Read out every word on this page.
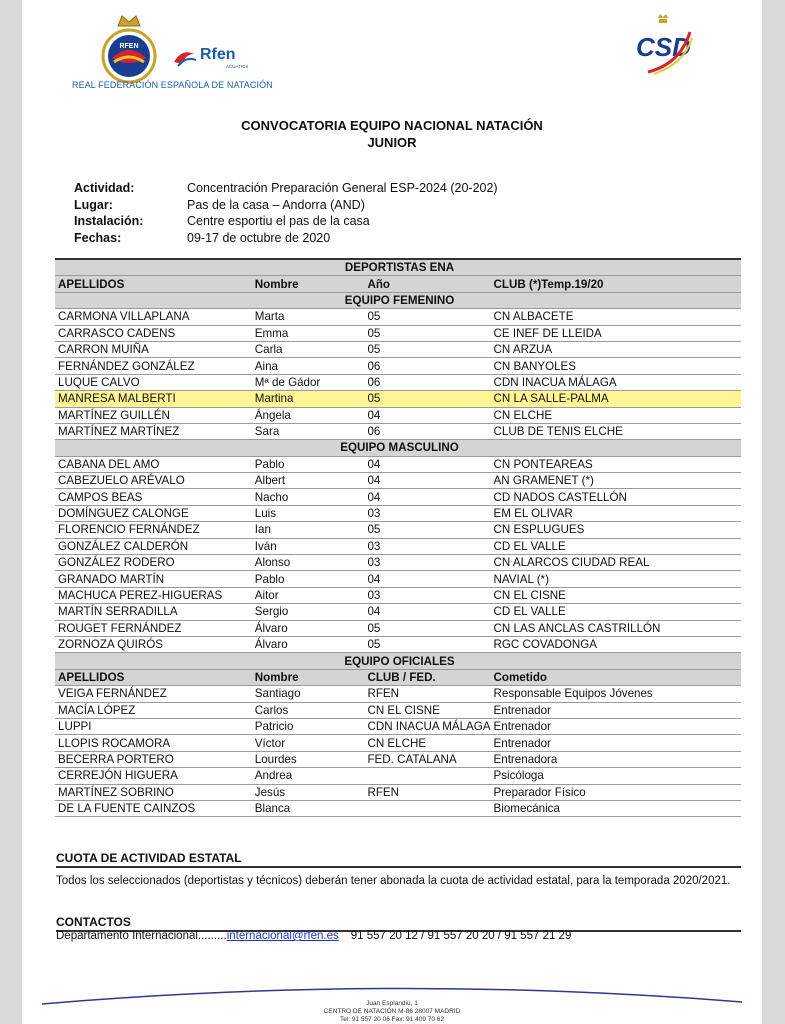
RFEN	Rfen
ACUATICS
REAL FEDERACIÓN ESPAÑOLA DE NATACIÓN
CSD
CONVOCATORIA EQUIPO NACIONAL NATACIÓN
JUNIOR
Actividad:	Concentración Preparación General ESP-2024 (20-202)
Lugar:	Pas de la casa – Andorra (AND)
Instalación:	Centre esportiu el pas de la casa
Fechas:	09-17 de octubre de 2020
DEPORTISTAS ENA			
APELLIDOS	Nombre	Año	CLUB (*)Temp.19/20
EQUIPO FEMENINO			
CARMONA VILLAPLANA	Marta	05	CN ALBACETE
CARRASCO CADENS	Emma	05	CE INEF DE LLEIDA
CARRON MUIÑA	Carla	05	CN ARZUA
FERNÁNDEZ GONZÁLEZ	Aina	06	CN BANYOLES
LUQUE CALVO	Mª de Gádor	06	CDN INACUA MÁLAGA
MANRESA MALBERTI	Martina	05	CN LA SALLE-PALMA
MARTÍNEZ GUILLÉN	Ángela	04	CN ELCHE
MARTÍNEZ MARTÍNEZ	Sara	06	CLUB DE TENIS ELCHE
EQUIPO MASCULINO			
CABANA DEL AMO	Pablo	04	CN PONTEAREAS
CABEZUELO ARÉVALO	Albert	04	AN GRAMENET (*)
CAMPOS BEAS	Nacho	04	CD NADOS CASTELLÓN
DOMÍNGUEZ CALONGE	Luis	03	EM EL OLIVAR
FLORENCIO FERNÁNDEZ	Ian	05	CN ESPLUGUES
GONZÁLEZ CALDERÓN	Iván	03	CD EL VALLE
GONZÁLEZ RODERO	Alonso	03	CN ALARCOS CIUDAD REAL
GRANADO MARTÍN	Pablo	04	NAVIAL (*)
MACHUCA PEREZ-HIGUERAS	Aitor	03	CN EL CISNE
MARTÍN SERRADILLA	Sergio	04	CD EL VALLE
ROUGET FERNÁNDEZ	Álvaro	05	CN LAS ANCLAS CASTRILLÓN
ZORNOZA QUIRÓS	Álvaro	05	RGC COVADONGA
EQUIPO OFICIALES			
APELLIDOS	Nombre	CLUB / FED.	Cometido
VEIGA FERNÁNDEZ	Santiago	RFEN	Responsable Equipos Jóvenes
MACÍA LÓPEZ	Carlos	CN EL CISNE	Entrenador
LUPPI	Patricio	CDN INACUA MÁLAGA	Entrenador
LLOPIS ROCAMORA	Víctor	CN ELCHE	Entrenador
BECERRA PORTERO	Lourdes	FED. CATALANA	Entrenadora
CERREJÓN HIGUERA	Andrea		Psicóloga
MARTÍNEZ SOBRINO	Jesús	RFEN	Preparador Físico
DE LA FUENTE CAINZOS	Blanca		Biomecánica
CUOTA DE ACTIVIDAD ESTATAL
Todos los seleccionados (deportistas y técnicos) deberán tener abonada la cuota de actividad estatal, para la temporada 2020/2021.
CONTACTOS
Departamento Internacional.........internacional@rfen.es 91 557 20 12 / 91 557 20 20 / 91 557 21 29
Juan Esplandiú, 1
CENTRO DE NATACIÓN M-86 28007 MADRID
Tel: 91 557 20 06 Fax: 91 409 70 62
